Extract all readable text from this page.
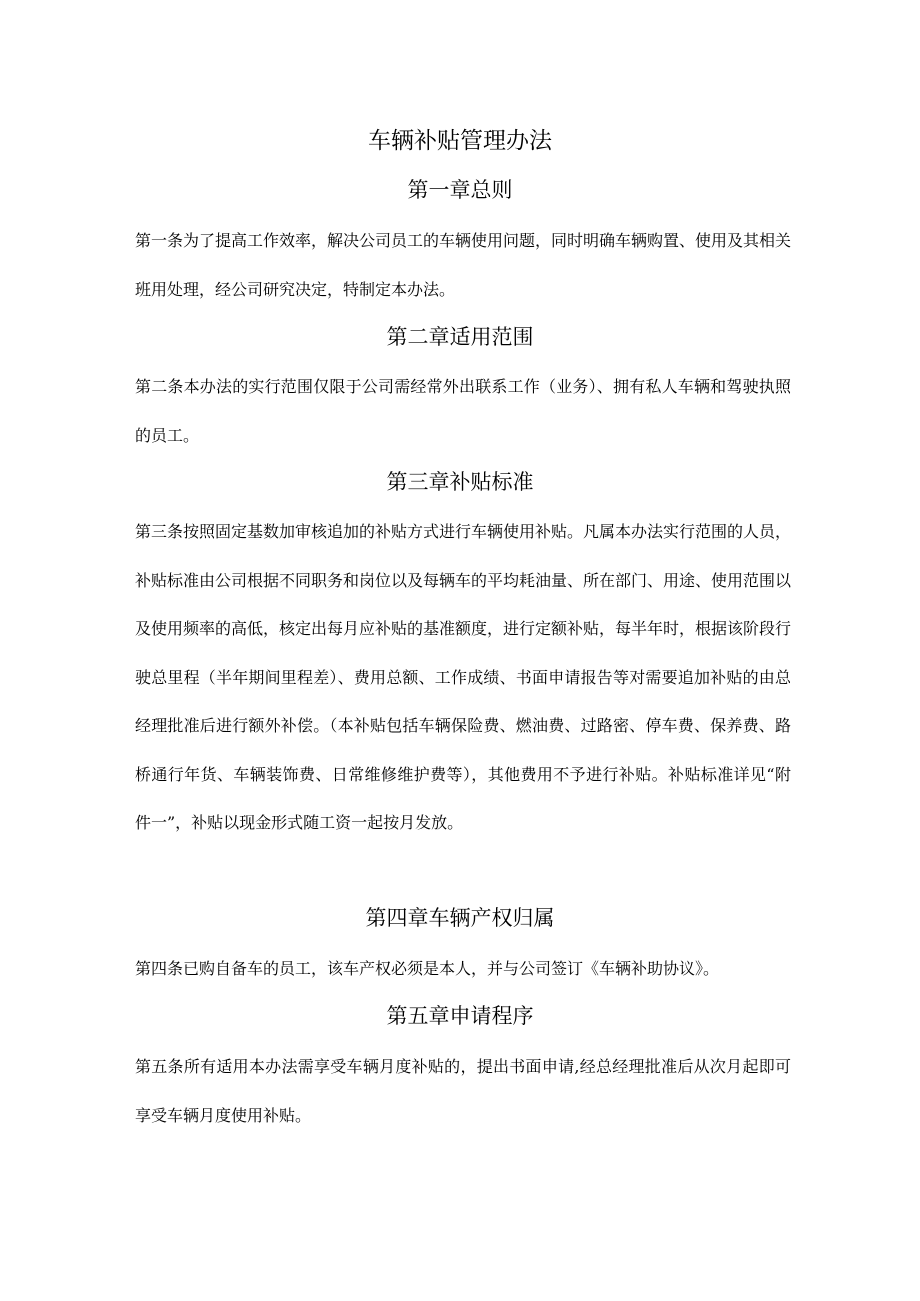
车辆补贴管理办法
第一章总则

第一条为了提高工作效率，解决公司员工的车辆使用问题，同时明确车辆购置、使用及其相关班用处理，经公司研究决定，特制定本办法。

第二章适用范围

第二条本办法的实行范围仅限于公司需经常外出联系工作（业务）、拥有私人车辆和驾驶执照的员工。

第三章补贴标准

第三条按照固定基数加审核追加的补贴方式进行车辆使用补贴。凡属本办法实行范围的人员，补贴标准由公司根据不同职务和岗位以及每辆车的平均耗油量、所在部门、用途、使用范围以及使用频率的高低，核定出每月应补贴的基准额度，进行定额补贴，每半年时，根据该阶段行驶总里程（半年期间里程差）、费用总额、工作成绩、书面申请报告等对需要追加补贴的由总经理批准后进行额外补偿。（本补贴包括车辆保险费、燃油费、过路密、停车费、保养费、路桥通行年货、车辆装饰费、日常维修维护费等），其他费用不予进行补贴。补贴标准详见“附件一”，补贴以现金形式随工资一起按月发放。

第四章车辆产权归属

第四条已购自备车的员工，该车产权必须是本人，并与公司签订《车辆补助协议》。

第五章申请程序

第五条所有适用本办法需享受车辆月度补贴的，提出书面申请,经总经理批准后从次月起即可享受车辆月度使用补贴。
